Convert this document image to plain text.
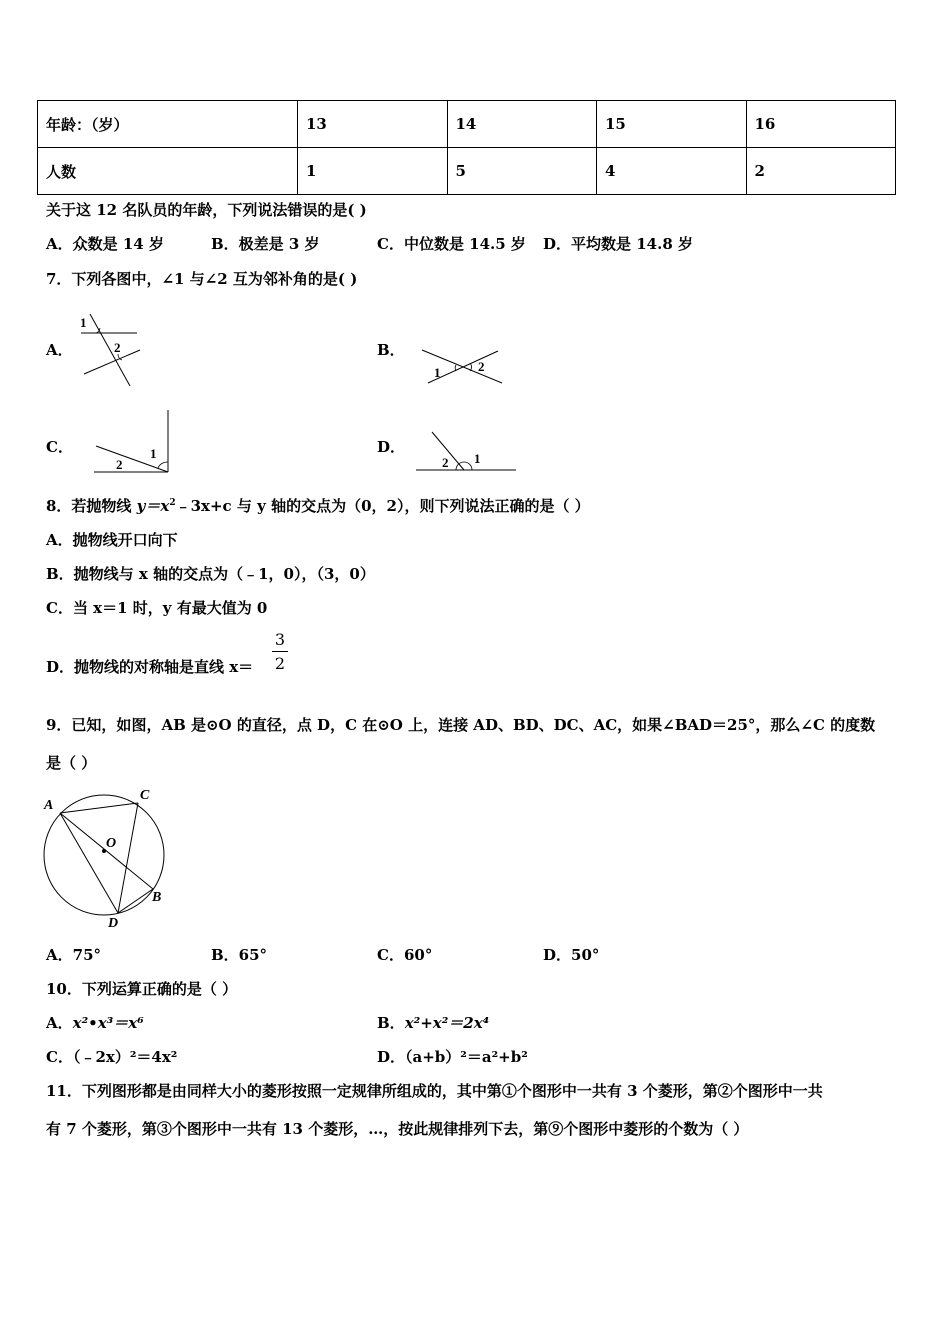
年龄：（岁）	13	14	15	16
人数	1	5	4	2
关于这 12 名队员的年龄，下列说法错误的是( )
A．众数是 14 岁	B．极差是 3 岁	C．中位数是 14.5 岁 D．平均数是 14.8 岁
7．下列各图中，∠1 与∠2 互为邻补角的是( )
A．	B．
C．	D．
1
2
1	2
1
2	1
2
8．若抛物线 $y=x^2﹣3x+c$ 与 y 轴的交点为（0，2），则下列说法正确的是（ ）
A．抛物线开口向下
B．抛物线与 x 轴的交点为（﹣1，0），（3，0）
C．当 x＝1 时，y 有最大值为 0
D．抛物线的对称轴是直线 x＝
3
2
9．已知，如图，AB 是⊙O 的直径，点 D，C 在⊙O 上，连接 AD、BD、DC、AC，如果∠BAD＝25°，那么∠C 的度数
是（ ）
A
C
O
B
D
A．75°	B．65°	C．60°	D．50°
10．下列运算正确的是（ ）
A．x²•x³＝x⁶	B．x²+x²＝2x⁴
C．（﹣2x）²＝4x²	D．（a+b）²＝a²+b²
11．下列图形都是由同样大小的菱形按照一定规律所组成的，其中第①个图形中一共有 3 个菱形，第②个图形中一共
有 7 个菱形，第③个图形中一共有 13 个菱形，…，按此规律排列下去，第⑨个图形中菱形的个数为（ ）
